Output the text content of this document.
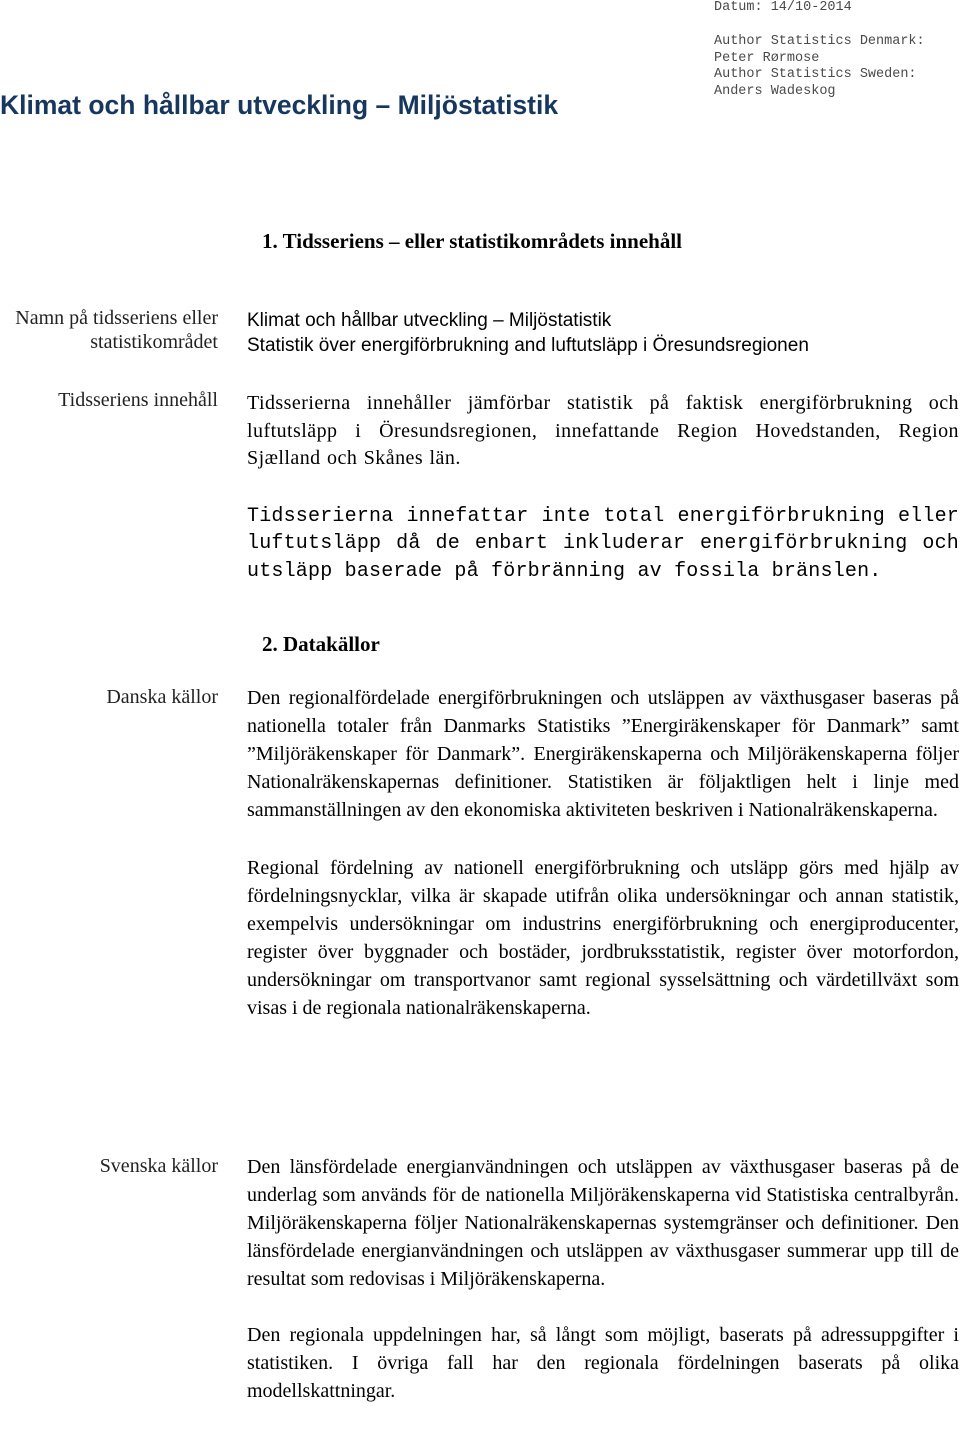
Datum: 14/10-2014
Author Statistics Denmark:
Peter Rørmose
Author Statistics Sweden:
Anders Wadeskog
Klimat och hållbar utveckling – Miljöstatistik
1. Tidsseriens – eller statistikområdets innehåll
Namn på tidsseriens eller statistikområdet

Klimat och hållbar utveckling – Miljöstatistik

Statistik över energiförbrukning and luftutsläpp i Öresundsregionen

Tidsseriens innehåll Tidsserierna innehåller jämförbar statistik på faktisk energiförbrukning och luftutsläpp i Öresundsregionen, innefattande Region Hovedstanden, Region Sjælland och Skånes län.

Tidsserierna innefattar inte total energiförbrukning eller luftutsläpp då de enbart inkluderar energiförbrukning och utsläpp baserade på förbränning av fossila bränslen.

2. Datakällor
Danska källor Den regionalfördelade energiförbrukningen och utsläppen av växthusgaser baseras på nationella totaler från Danmarks Statistiks ”Energiräkenskaper för Danmark” samt ”Miljöräkenskaper för Danmark”. Energiräkenskaperna och Miljöräkenskaperna följer Nationalräkenskapernas definitioner. Statistiken är följaktligen helt i linje med sammanställningen av den ekonomiska aktiviteten beskriven i Nationalräkenskaperna.

Regional fördelning av nationell energiförbrukning och utsläpp görs med hjälp av fördelningsnycklar, vilka är skapade utifrån olika undersökningar och annan statistik, exempelvis undersökningar om industrins energiförbrukning och energiproducenter, register över byggnader och bostäder, jordbruksstatistik, register över motorfordon, undersökningar om transportvanor samt regional sysselsättning och värdetillväxt som visas i de regionala nationalräkenskaperna.

Svenska källor Den länsfördelade energianvändningen och utsläppen av växthusgaser baseras på de underlag som används för de nationella Miljöräkenskaperna vid Statistiska centralbyrån. Miljöräkenskaperna följer Nationalräkenskapernas systemgränser och definitioner. Den länsfördelade energianvändningen och utsläppen av växthusgaser summerar upp till de resultat som redovisas i Miljöräkenskaperna.

Den regionala uppdelningen har, så långt som möjligt, baserats på adressuppgifter i statistiken. I övriga fall har den regionala fördelningen baserats på olika modellskattningar.
